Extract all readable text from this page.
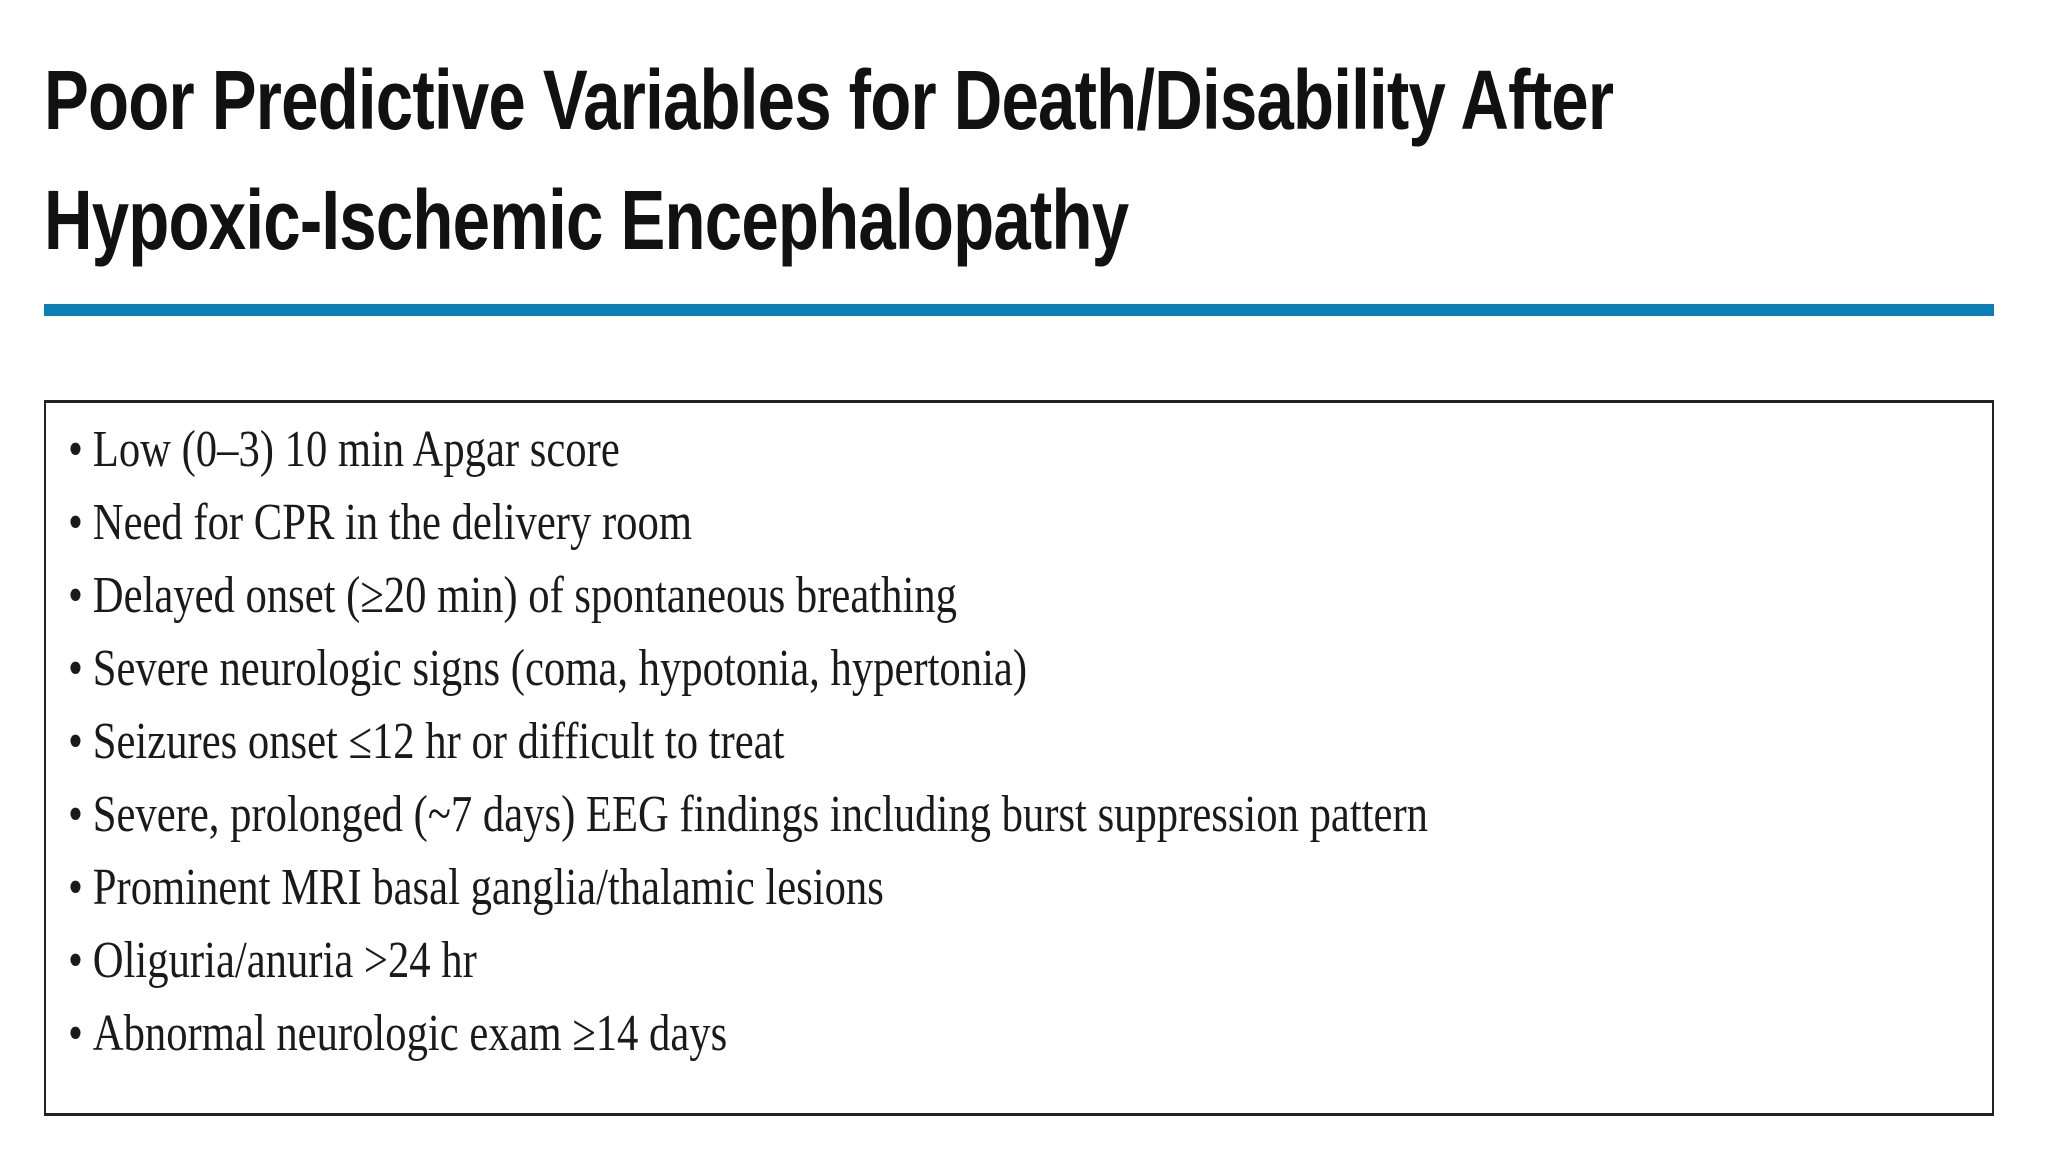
Poor Predictive Variables for Death/Disability After
Hypoxic-Ischemic Encephalopathy
• Low (0–3) 10 min Apgar score
• Need for CPR in the delivery room
• Delayed onset (≥20 min) of spontaneous breathing
• Severe neurologic signs (coma, hypotonia, hypertonia)
• Seizures onset ≤12 hr or difficult to treat
• Severe, prolonged (~7 days) EEG findings including burst suppression pattern
• Prominent MRI basal ganglia/thalamic lesions
• Oliguria/anuria >24 hr
• Abnormal neurologic exam ≥14 days
